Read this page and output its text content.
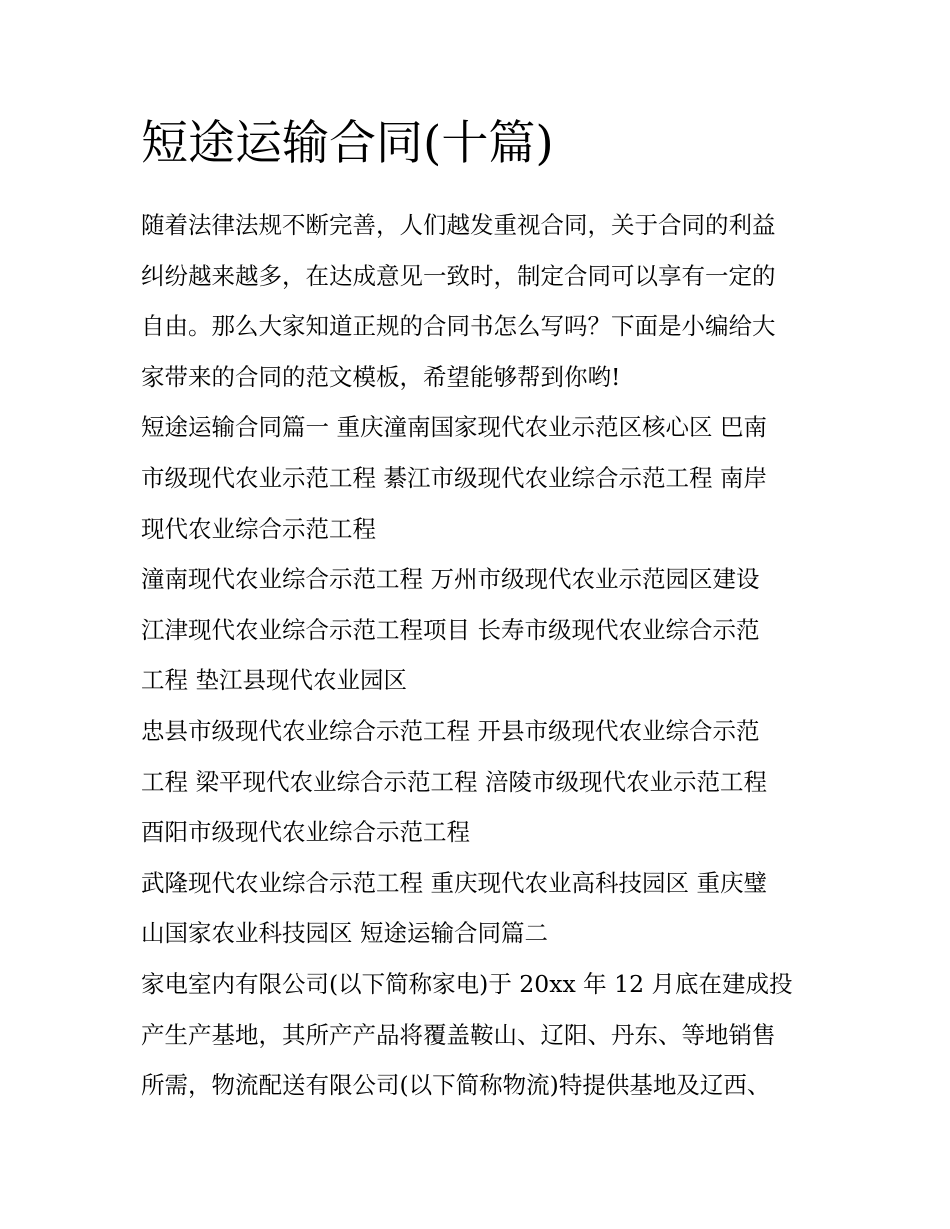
短途运输合同(十篇)

随着法律法规不断完善，人们越发重视合同，关于合同的利益
纠纷越来越多，在达成意见一致时，制定合同可以享有一定的
自由。那么大家知道正规的合同书怎么写吗？下面是小编给大
家带来的合同的范文模板，希望能够帮到你哟!

短途运输合同篇一 重庆潼南国家现代农业示范区核心区 巴南
市级现代农业示范工程 綦江市级现代农业综合示范工程 南岸
现代农业综合示范工程

潼南现代农业综合示范工程 万州市级现代农业示范园区建设
江津现代农业综合示范工程项目 长寿市级现代农业综合示范
工程 垫江县现代农业园区

忠县市级现代农业综合示范工程 开县市级现代农业综合示范
工程 梁平现代农业综合示范工程 涪陵市级现代农业示范工程
酉阳市级现代农业综合示范工程

武隆现代农业综合示范工程 重庆现代农业高科技园区 重庆璧
山国家农业科技园区 短途运输合同篇二

家电室内有限公司(以下简称家电)于 20xx 年 12 月底在建成投
产生产基地，其所产产品将覆盖鞍山、辽阳、丹东、等地销售
所需，物流配送有限公司(以下简称物流)特提供基地及辽西、
